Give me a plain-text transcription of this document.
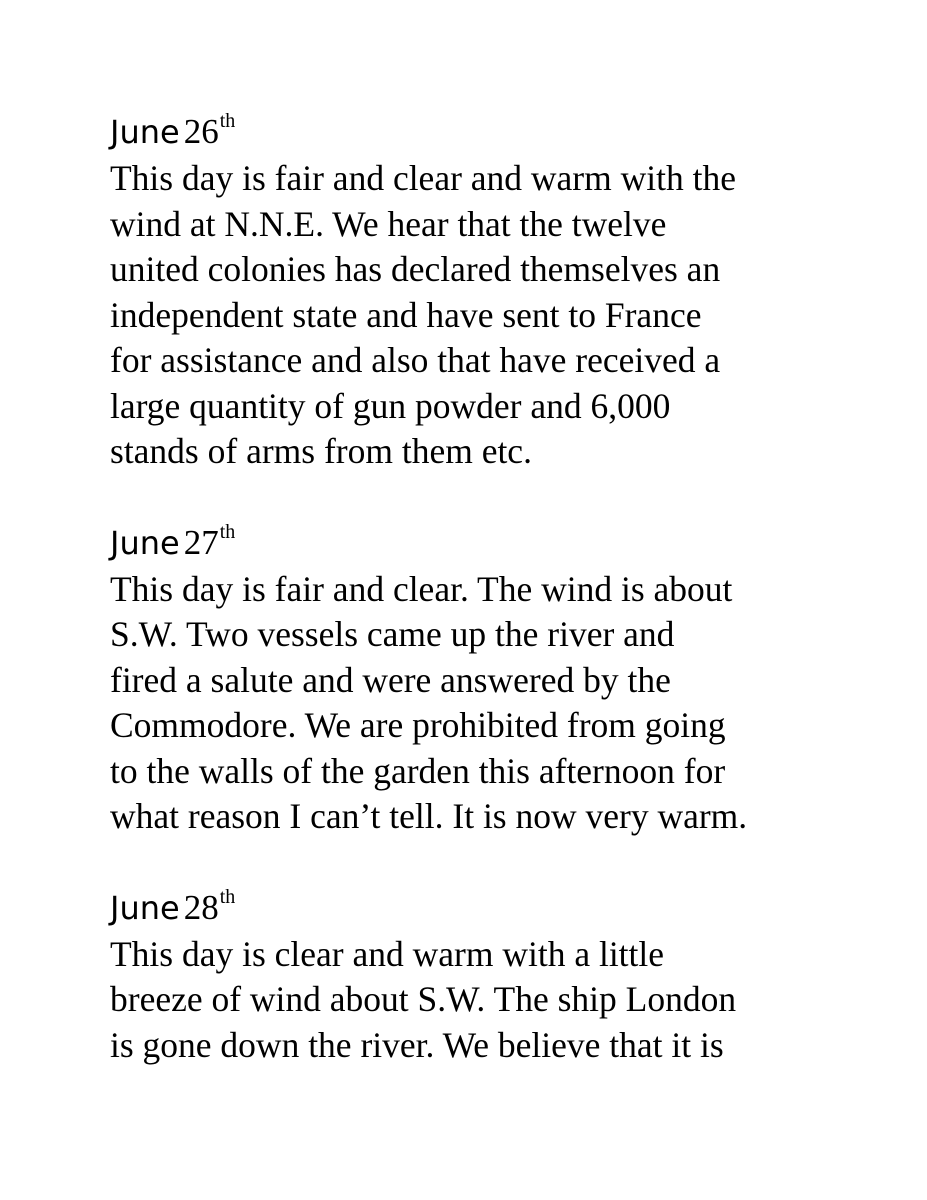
June 26th
This day is fair and clear and warm with the
wind at N.N.E. We hear that the twelve
united colonies has declared themselves an
independent state and have sent to France
for assistance and also that have received a
large quantity of gun powder and 6,000
stands of arms from them etc.
June 27th
This day is fair and clear. The wind is about
S.W. Two vessels came up the river and
fired a salute and were answered by the
Commodore. We are prohibited from going
to the walls of the garden this afternoon for
what reason I can’t tell. It is now very warm.
June 28th
This day is clear and warm with a little
breeze of wind about S.W. The ship London
is gone down the river. We believe that it is
